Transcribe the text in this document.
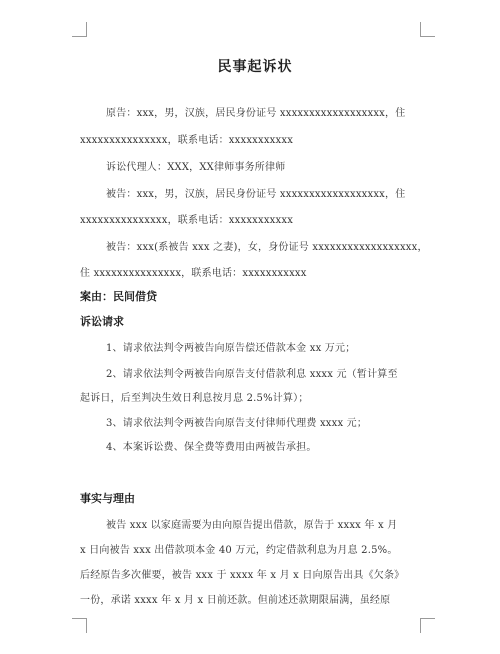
民事起诉状
原告：xxx，男，汉族，居民身份证号 xxxxxxxxxxxxxxxxxx，住
xxxxxxxxxxxxxxx，联系电话：xxxxxxxxxxx
诉讼代理人：XXX，XX律师事务所律师
被告：xxx，男，汉族，居民身份证号 xxxxxxxxxxxxxxxxxx，住
xxxxxxxxxxxxxxx，联系电话：xxxxxxxxxxx
被告：xxx(系被告 xxx 之妻)，女，身份证号 xxxxxxxxxxxxxxxxxx，
住 xxxxxxxxxxxxxxx，联系电话：xxxxxxxxxxx
案由：民间借贷
诉讼请求
1、请求依法判令两被告向原告偿还借款本金 xx 万元；
2、请求依法判令两被告向原告支付借款利息 xxxx 元（暂计算至
起诉日，后至判决生效日利息按月息 2.5%计算）；
3、请求依法判令两被告向原告支付律师代理费 xxxx 元；
4、本案诉讼费、保全费等费用由两被告承担。
事实与理由
被告 xxx 以家庭需要为由向原告提出借款，原告于 xxxx 年 x 月
x 日向被告 xxx 出借款项本金 40 万元，约定借款利息为月息 2.5%。
后经原告多次催要，被告 xxx 于 xxxx 年 x 月 x 日向原告出具《欠条》
一份，承诺 xxxx 年 x 月 x 日前还款。但前述还款期限届满，虽经原
